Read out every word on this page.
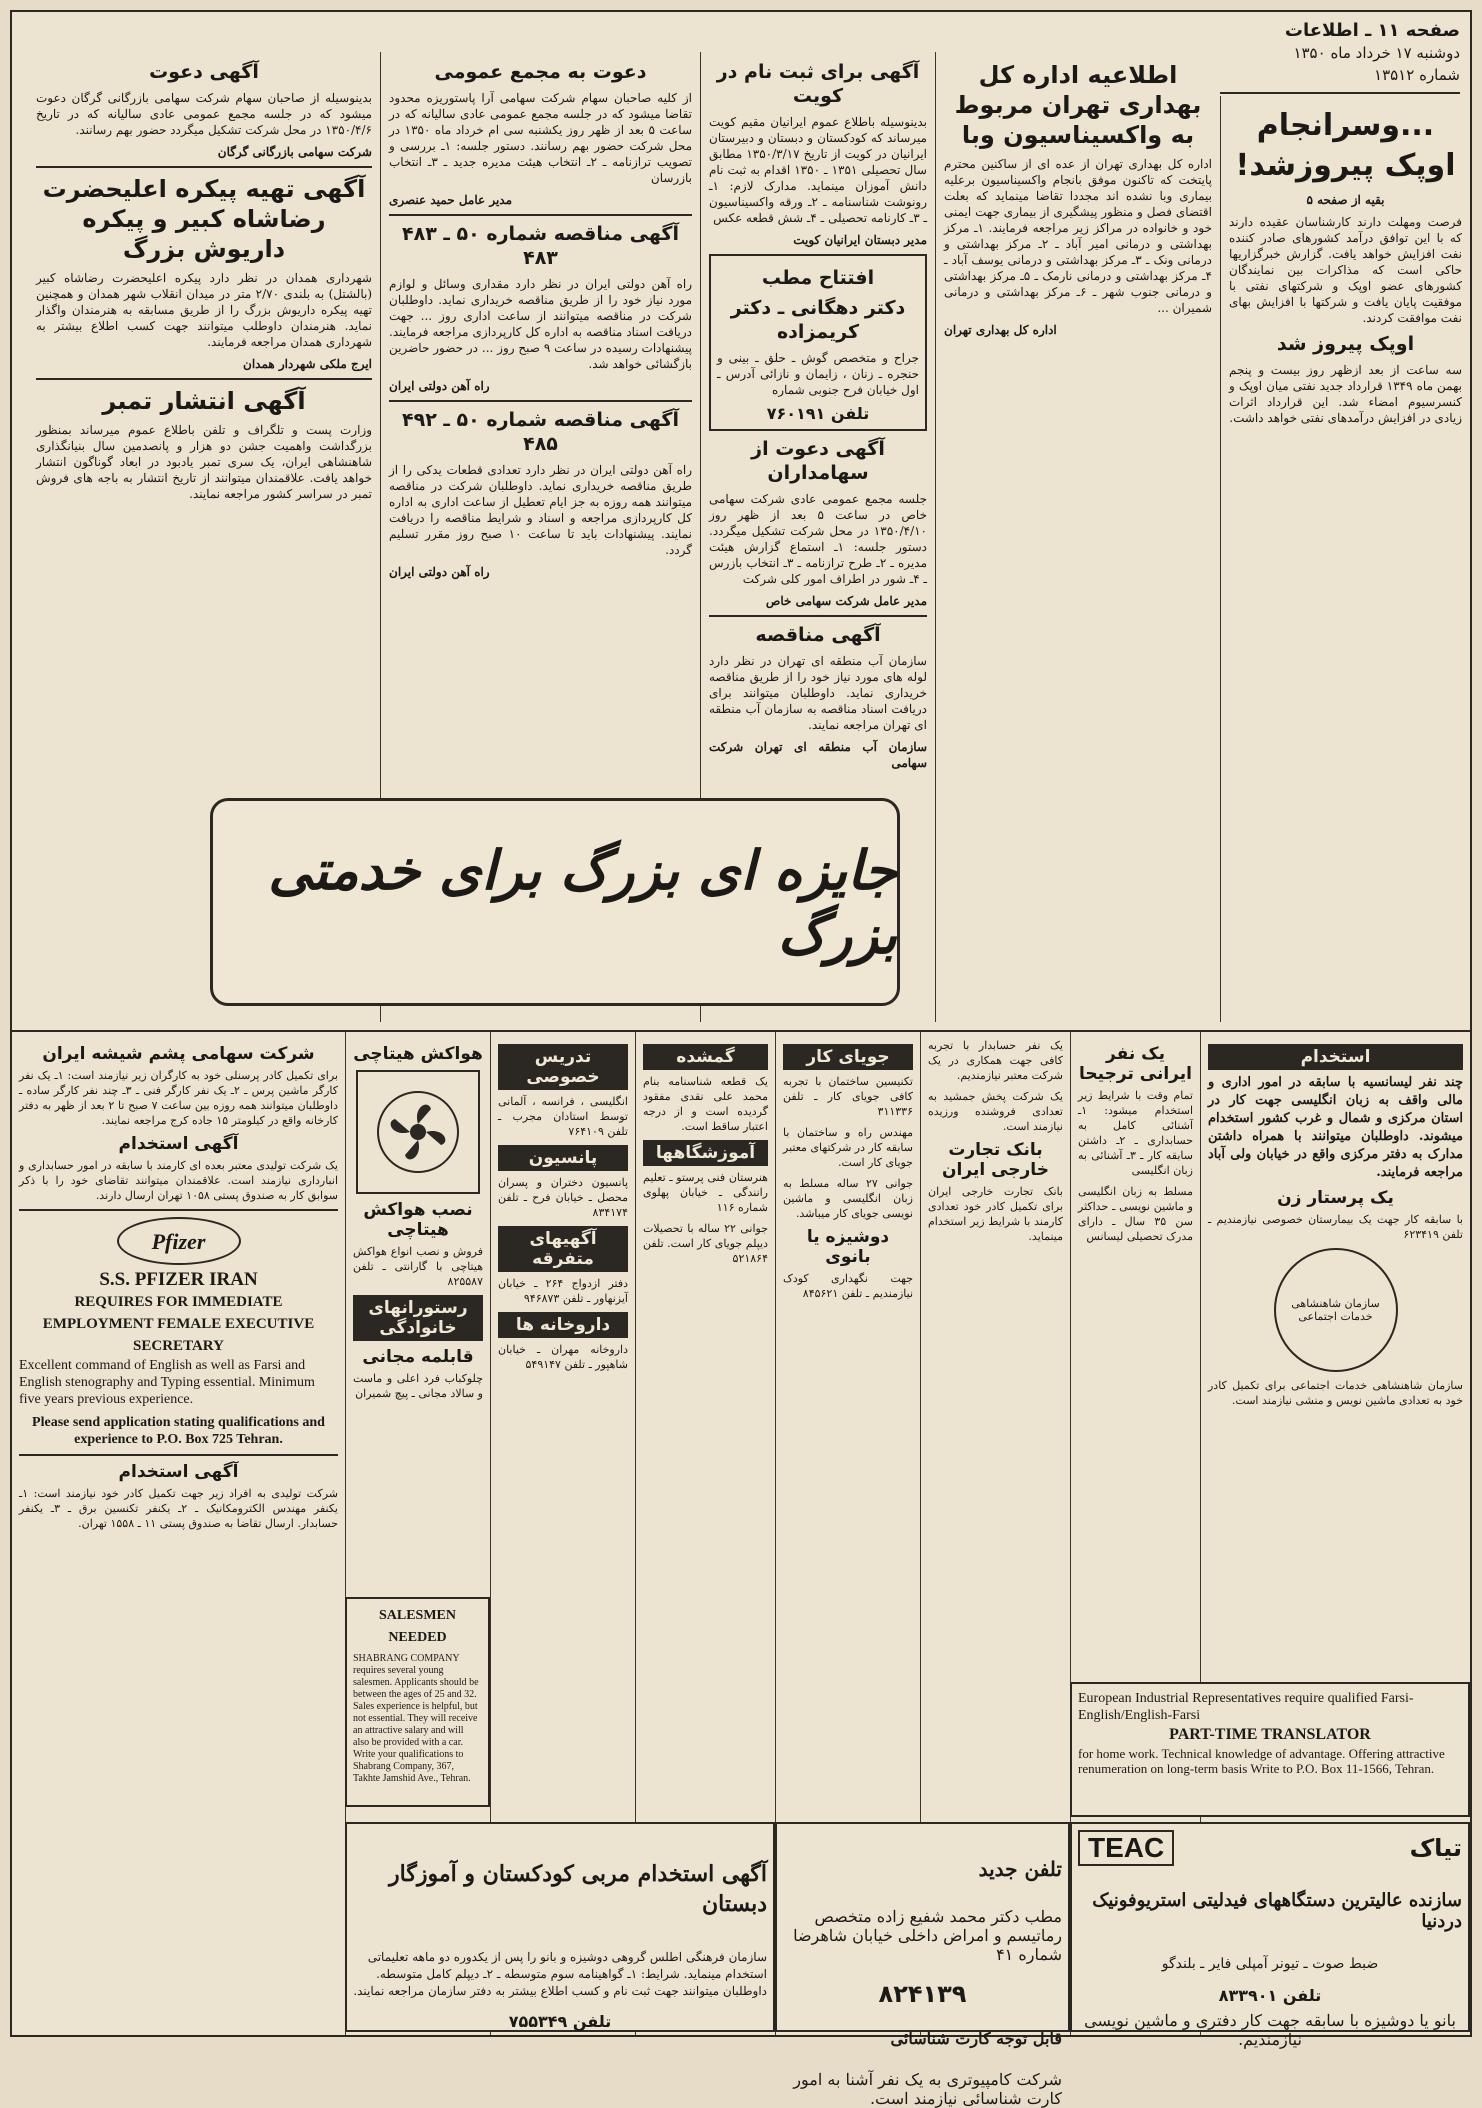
صفحه ۱۱ ـ اطلاعات
دوشنبه ۱۷ خرداد ماه ۱۳۵۰
شماره ۱۳۵۱۲
اطلاعیه اداره کل بهداری تهران مربوط به واکسیناسیون وبا

اداره کل بهداری تهران از عده ای از ساکنین محترم پایتخت که تاکنون موفق بانجام واکسیناسیون برعلیه بیماری وبا نشده اند مجددا تقاضا مینماید که بعلت اقتضای فصل و منظور پیشگیری از بیماری جهت ایمنی خود و خانواده در مراکز زیر مراجعه فرمایند. ۱ـ مرکز بهداشتی و درمانی امیر آباد ـ ۲ـ مرکز بهداشتی و درمانی ونک ـ ۳ـ مرکز بهداشتی و درمانی یوسف آباد ـ ۴ـ مرکز بهداشتی و درمانی نارمک ـ ۵ـ مرکز بهداشتی و درمانی جنوب شهر ـ ۶ـ مرکز بهداشتی و درمانی شمیران ...

اداره کل بهداری تهران

آگهی برای ثبت نام در کویت

بدینوسیله باطلاع عموم ایرانیان مقیم کویت میرساند که کودکستان و دبستان و دبیرستان ایرانیان در کویت از تاریخ ۱۳۵۰/۳/۱۷ مطابق سال تحصیلی ۱۳۵۱ ـ ۱۳۵۰ اقدام به ثبت نام دانش آموزان مینماید. مدارک لازم: ۱ـ رونوشت شناسنامه ـ ۲ـ ورقه واکسیناسیون ـ ۳ـ کارنامه تحصیلی ـ ۴ـ شش قطعه عکس

مدیر دبستان ایرانیان کویت

افتتاح مطب
دکتر دهگانی ـ دکتر کریمزاده

جراح و متخصص گوش ـ حلق ـ بینی و حنجره ـ زنان ، زایمان و نازائی آدرس ـ اول خیابان فرح جنوبی شماره

تلفن ۷۶۰۱۹۱
آگهی دعوت از سهامداران

جلسه مجمع عمومی عادی شرکت سهامی خاص در ساعت ۵ بعد از ظهر روز ۱۳۵۰/۴/۱۰ در محل شرکت تشکیل میگردد. دستور جلسه: ۱ـ استماع گزارش هیئت مدیره ـ ۲ـ طرح ترازنامه ـ ۳ـ انتخاب بازرس ـ ۴ـ شور در اطراف امور کلی شرکت

مدیر عامل شرکت سهامی خاص

آگهی مناقصه

سازمان آب منطقه ای تهران در نظر دارد لوله های مورد نیاز خود را از طریق مناقصه خریداری نماید. داوطلبان میتوانند برای دریافت اسناد مناقصه به سازمان آب منطقه ای تهران مراجعه نمایند.

سازمان آب منطقه ای تهران شرکت سهامی

دعوت به مجمع عمومی

از کلیه صاحبان سهام شرکت سهامی آرا پاستوریزه محدود تقاضا میشود که در جلسه مجمع عمومی عادی سالیانه که در ساعت ۵ بعد از ظهر روز یکشنبه سی ام خرداد ماه ۱۳۵۰ در محل شرکت حضور بهم رسانند. دستور جلسه: ۱ـ بررسی و تصویب ترازنامه ـ ۲ـ انتخاب هیئت مدیره جدید ـ ۳ـ انتخاب بازرسان

مدیر عامل حمید عنصری

آگهی مناقصه شماره ۵۰ ـ ۴۸۳ ۴۸۳

راه آهن دولتی ایران در نظر دارد مقداری وسائل و لوازم مورد نیاز خود را از طریق مناقصه خریداری نماید. داوطلبان شرکت در مناقصه میتوانند از ساعت اداری روز ... جهت دریافت اسناد مناقصه به اداره کل کارپردازی مراجعه فرمایند. پیشنهادات رسیده در ساعت ۹ صبح روز ... در حضور حاضرین بازگشائی خواهد شد.

راه آهن دولتی ایران

آگهی مناقصه شماره ۵۰ ـ ۴۹۲ ۴۸۵

راه آهن دولتی ایران در نظر دارد تعدادی قطعات یدکی را از طریق مناقصه خریداری نماید. داوطلبان شرکت در مناقصه میتوانند همه روزه به جز ایام تعطیل از ساعت اداری به اداره کل کارپردازی مراجعه و اسناد و شرایط مناقصه را دریافت نمایند. پیشنهادات باید تا ساعت ۱۰ صبح روز مقرر تسلیم گردد.

راه آهن دولتی ایران

آگهی دعوت

بدینوسیله از صاحبان سهام شرکت سهامی بازرگانی گرگان دعوت میشود که در جلسه مجمع عمومی عادی سالیانه که در تاریخ ۱۳۵۰/۴/۶ در محل شرکت تشکیل میگردد حضور بهم رسانند.

شرکت سهامی بازرگانی گرگان

آگهی تهیه پیکره اعلیحضرت رضاشاه کبیر و پیکره داریوش بزرگ

شهرداری همدان در نظر دارد پیکره اعلیحضرت رضاشاه کبیر (بالشتل) به بلندی ۲/۷۰ متر در میدان انقلاب شهر همدان و همچنین تهیه پیکره داریوش بزرگ را از طریق مسابقه به هنرمندان واگذار نماید. هنرمندان داوطلب میتوانند جهت کسب اطلاع بیشتر به شهرداری همدان مراجعه فرمایند.

ایرج ملکی شهردار همدان

آگهی انتشار تمبر

وزارت پست و تلگراف و تلفن باطلاع عموم میرساند بمنظور بزرگداشت واهمیت جشن دو هزار و پانصدمین سال بنیانگذاری شاهنشاهی ایران، یک سری تمبر یادبود در ابعاد گوناگون انتشار خواهد یافت. علاقمندان میتوانند از تاریخ انتشار به باجه های فروش تمبر در سراسر کشور مراجعه نمایند.

...وسرانجام اوپک پیروزشد!

بقیه از صفحه ۵

فرصت ومهلت دارند کارشناسان عقیده دارند که با این توافق درآمد کشورهای صادر کننده نفت افزایش خواهد یافت. گزارش خبرگزاریها حاکی است که مذاکرات بین نمایندگان کشورهای عضو اوپک و شرکتهای نفتی با موفقیت پایان یافت و شرکتها با افزایش بهای نفت موافقت کردند.

اوپک پیروز شد

سه ساعت از بعد ازظهر روز بیست و پنجم بهمن ماه ۱۳۴۹ قرارداد جدید نفتی میان اوپک و کنسرسیوم امضاء شد. این قرارداد اثرات زیادی در افزایش درآمدهای نفتی خواهد داشت.

جایزه ای بزرگ برای خدمتی بزرگ
استخدام

چند نفر لیسانسیه با سابقه در امور اداری و مالی واقف به زبان انگلیسی جهت کار در استان مرکزی و شمال و غرب کشور استخدام میشوند. داوطلبان میتوانند با همراه داشتن مدارک به دفتر مرکزی واقع در خیابان ولی آباد مراجعه فرمایند.

یک پرستار زن

با سابقه کار جهت یک بیمارستان خصوصی نیازمندیم ـ تلفن ۶۲۳۴۱۹

سازمان شاهنشاهی خدمات اجتماعی

سازمان شاهنشاهی خدمات اجتماعی برای تکمیل کادر خود به تعدادی ماشین نویس و منشی نیازمند است.

یک نفر ایرانی ترجیحا

تمام وقت با شرایط زیر استخدام میشود: ۱ـ آشنائی کامل به حسابداری ـ ۲ـ داشتن سابقه کار ـ ۳ـ آشنائی به زبان انگلیسی

مسلط به زبان انگلیسی و ماشین نویسی ـ حداکثر سن ۳۵ سال ـ دارای مدرک تحصیلی لیسانس

یک نفر حسابدار با تجربه کافی جهت همکاری در یک شرکت معتبر نیازمندیم.

یک شرکت پخش جمشید به تعدادی فروشنده ورزیده نیازمند است.

بانک تجارت خارجی ایران

بانک تجارت خارجی ایران برای تکمیل کادر خود تعدادی کارمند با شرایط زیر استخدام مینماید.

جویای کار

تکنیسین ساختمان با تجربه کافی جویای کار ـ تلفن ۳۱۱۳۳۶

مهندس راه و ساختمان با سابقه کار در شرکتهای معتبر جویای کار است.

جوانی ۲۷ ساله مسلط به زبان انگلیسی و ماشین نویسی جویای کار میباشد.

دوشیزه یا بانوی

جهت نگهداری کودک نیازمندیم ـ تلفن ۸۴۵۶۲۱

گمشده

یک قطعه شناسنامه بنام محمد علی نقدی مفقود گردیده است و از درجه اعتبار ساقط است.

آموزشگاهها

هنرستان فنی پرستو ـ تعلیم رانندگی ـ خیابان پهلوی شماره ۱۱۶

جوانی ۲۲ ساله با تحصیلات دیپلم جویای کار است. تلفن ۵۲۱۸۶۴

تدریس خصوصی

انگلیسی ، فرانسه ، آلمانی توسط استادان مجرب ـ تلفن ۷۶۴۱۰۹

پانسیون

پانسیون دختران و پسران محصل ـ خیابان فرح ـ تلفن ۸۳۴۱۷۴

آگهیهای متفرقه

دفتر ازدواج ۲۶۴ ـ خیابان آیزنهاور ـ تلفن ۹۴۶۸۷۳

داروخانه ها

داروخانه مهران ـ خیابان شاهپور ـ تلفن ۵۴۹۱۴۷

هواکش هیتاچی
نصب هواکش هیتاچی

فروش و نصب انواع هواکش هیتاچی با گارانتی ـ تلفن ۸۲۵۵۸۷

رستورانهای خانوادگی
قابلمه مجانی

چلوکباب فرد اعلی و ماست و سالاد مجانی ـ پیچ شمیران

شرکت سهامی پشم شیشه ایران

برای تکمیل کادر پرسنلی خود به کارگران زیر نیازمند است: ۱ـ یک نفر کارگر ماشین پرس ـ ۲ـ یک نفر کارگر فنی ـ ۳ـ چند نفر کارگر ساده ـ داوطلبان میتوانند همه روزه بین ساعت ۷ صبح تا ۲ بعد از ظهر به دفتر کارخانه واقع در کیلومتر ۱۵ جاده کرج مراجعه نمایند.

آگهی استخدام

یک شرکت تولیدی معتبر بعده ای کارمند با سابقه در امور حسابداری و انبارداری نیازمند است. علاقمندان میتوانند تقاضای خود را با ذکر سوابق کار به صندوق پستی ۱۰۵۸ تهران ارسال دارند.

Pfizer
S.S. PFIZER IRAN
REQUIRES FOR IMMEDIATE EMPLOYMENT FEMALE EXECUTIVE SECRETARY

Excellent command of English as well as Farsi and English stenography and Typing essential. Minimum five years previous experience.

Please send application stating qualifications and experience to P.O. Box 725 Tehran.

آگهی استخدام

شرکت تولیدی به افراد زیر جهت تکمیل کادر خود نیازمند است: ۱ـ یکنفر مهندس الکترومکانیک ـ ۲ـ یکنفر تکنسین برق ـ ۳ـ یکنفر حسابدار. ارسال تقاضا به صندوق پستی ۱۱ ـ ۱۵۵۸ تهران.

SALESMEN NEEDED

SHABRANG COMPANY requires several young salesmen. Applicants should be between the ages of 25 and 32. Sales experience is helpful, but not essential. They will receive an attractive salary and will also be provided with a car. Write your qualifications to Shabrang Company, 367, Takhte Jamshid Ave., Tehran.

آگهی استخدام مربی کودکستان و آموزگار دبستان

سازمان فرهنگی اطلس گروهی دوشیزه و بانو را پس از یکدوره دو ماهه تعلیماتی استخدام مینماید. شرایط: ۱ـ گواهینامه سوم متوسطه ـ ۲ـ دیپلم کامل متوسطه. داوطلبان میتوانند جهت ثبت نام و کسب اطلاع بیشتر به دفتر سازمان مراجعه نمایند.

تلفن ۷۵۵۳۴۹
تلفن جدید

مطب دکتر محمد شفیع زاده متخصص رماتیسم و امراض داخلی خیابان شاهرضا شماره ۴۱

۸۲۴۱۳۹
قابل توجه کارت شناسائی

شرکت کامپیوتری به یک نفر آشنا به امور کارت شناسائی نیازمند است.

European Industrial Representatives require qualified Farsi-English/English-Farsi
PART-TIME TRANSLATOR
for home work. Technical knowledge of advantage. Offering attractive renumeration on long-term basis Write to P.O. Box 11-1566, Tehran.
تیاک
TEAC
سازنده عالیترین دستگاههای فیدلیتی استریوفونیک دردنیا

ضبط صوت ـ تیونر آمپلی فایر ـ بلندگو

تلفن ۸۳۳۹۰۱

بانو یا دوشیزه با سابقه جهت کار دفتری و ماشین نویسی نیازمندیم.
